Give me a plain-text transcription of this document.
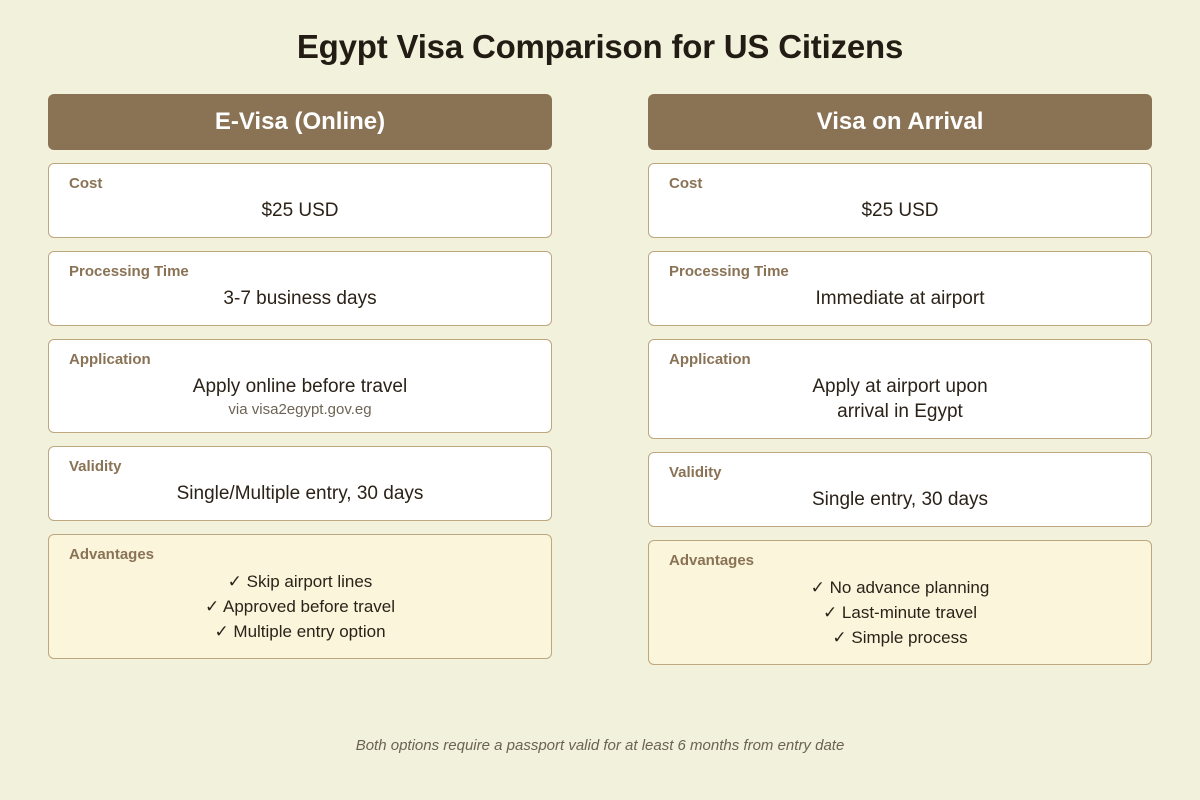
Egypt Visa Comparison for US Citizens
E-Visa (Online)

Cost

$25 USD

Processing Time

3-7 business days

Application

Apply online before travel

via visa2egypt.gov.eg

Validity

Single/Multiple entry, 30 days

Advantages

✓ Skip airport lines
✓ Approved before travel
✓ Multiple entry option
Visa on Arrival

Cost

$25 USD

Processing Time

Immediate at airport

Application

Apply at airport upon

arrival in Egypt

Validity

Single entry, 30 days

Advantages

✓ No advance planning
✓ Last-minute travel
✓ Simple process
Both options require a passport valid for at least 6 months from entry date
